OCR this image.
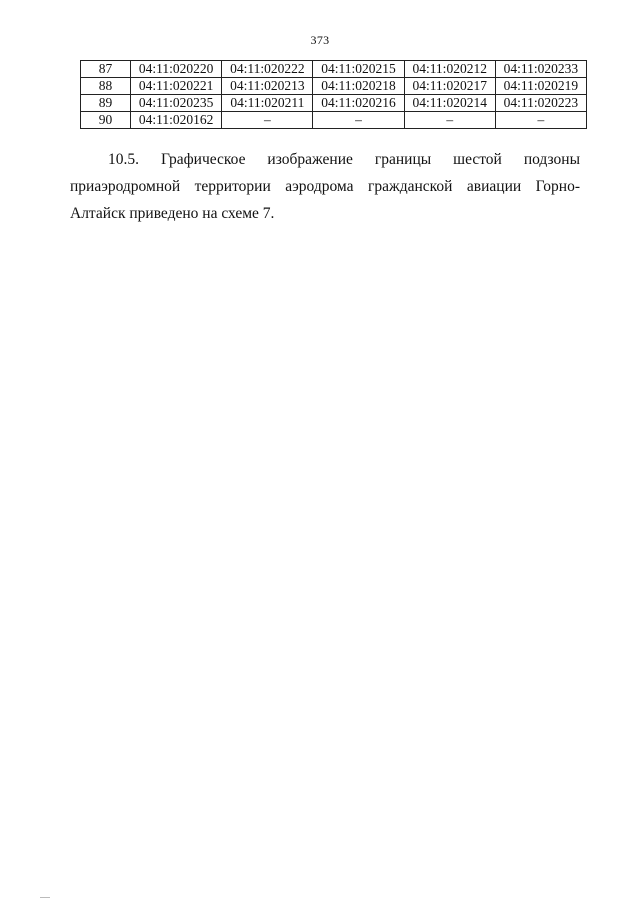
373
87	04:11:020220	04:11:020222	04:11:020215	04:11:020212	04:11:020233
88	04:11:020221	04:11:020213	04:11:020218	04:11:020217	04:11:020219
89	04:11:020235	04:11:020211	04:11:020216	04:11:020214	04:11:020223
90	04:11:020162	–	–	–	–

10.5. Графическое изображение границы шестой подзоны приаэродромной территории аэродрома гражданской авиации Горно-Алтайск приведено на схеме 7.
